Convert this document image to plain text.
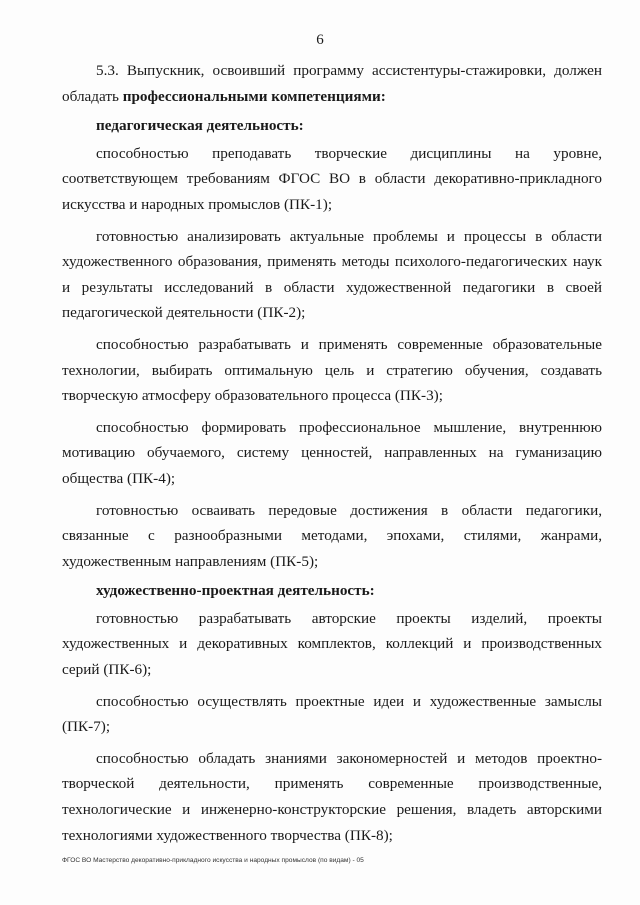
6

5.3. Выпускник, освоивший программу ассистентуры-стажировки, должен обладать профессиональными компетенциями:

педагогическая деятельность:

способностью преподавать творческие дисциплины на уровне, соответствующем требованиям ФГОС ВО в области декоративно-прикладного искусства и народных промыслов (ПК-1);

готовностью анализировать актуальные проблемы и процессы в области художественного образования, применять методы психолого-педагогических наук и результаты исследований в области художественной педагогики в своей педагогической деятельности (ПК-2);

способностью разрабатывать и применять современные образовательные технологии, выбирать оптимальную цель и стратегию обучения, создавать творческую атмосферу образовательного процесса (ПК-3);

способностью формировать профессиональное мышление, внутреннюю мотивацию обучаемого, систему ценностей, направленных на гуманизацию общества (ПК-4);

готовностью осваивать передовые достижения в области педагогики, связанные с разнообразными методами, эпохами, стилями, жанрами, художественным направлениям (ПК-5);

художественно-проектная деятельность:

готовностью разрабатывать авторские проекты изделий, проекты художественных и декоративных комплектов, коллекций и производственных серий (ПК-6);

способностью осуществлять проектные идеи и художественные замыслы (ПК-7);

способностью обладать знаниями закономерностей и методов проектно-творческой деятельности, применять современные производственные, технологические и инженерно-конструкторские решения, владеть авторскими технологиями художественного творчества (ПК-8);

ФГОС ВО Мастерство декоративно-прикладного искусства и народных промыслов (по видам) - 05
